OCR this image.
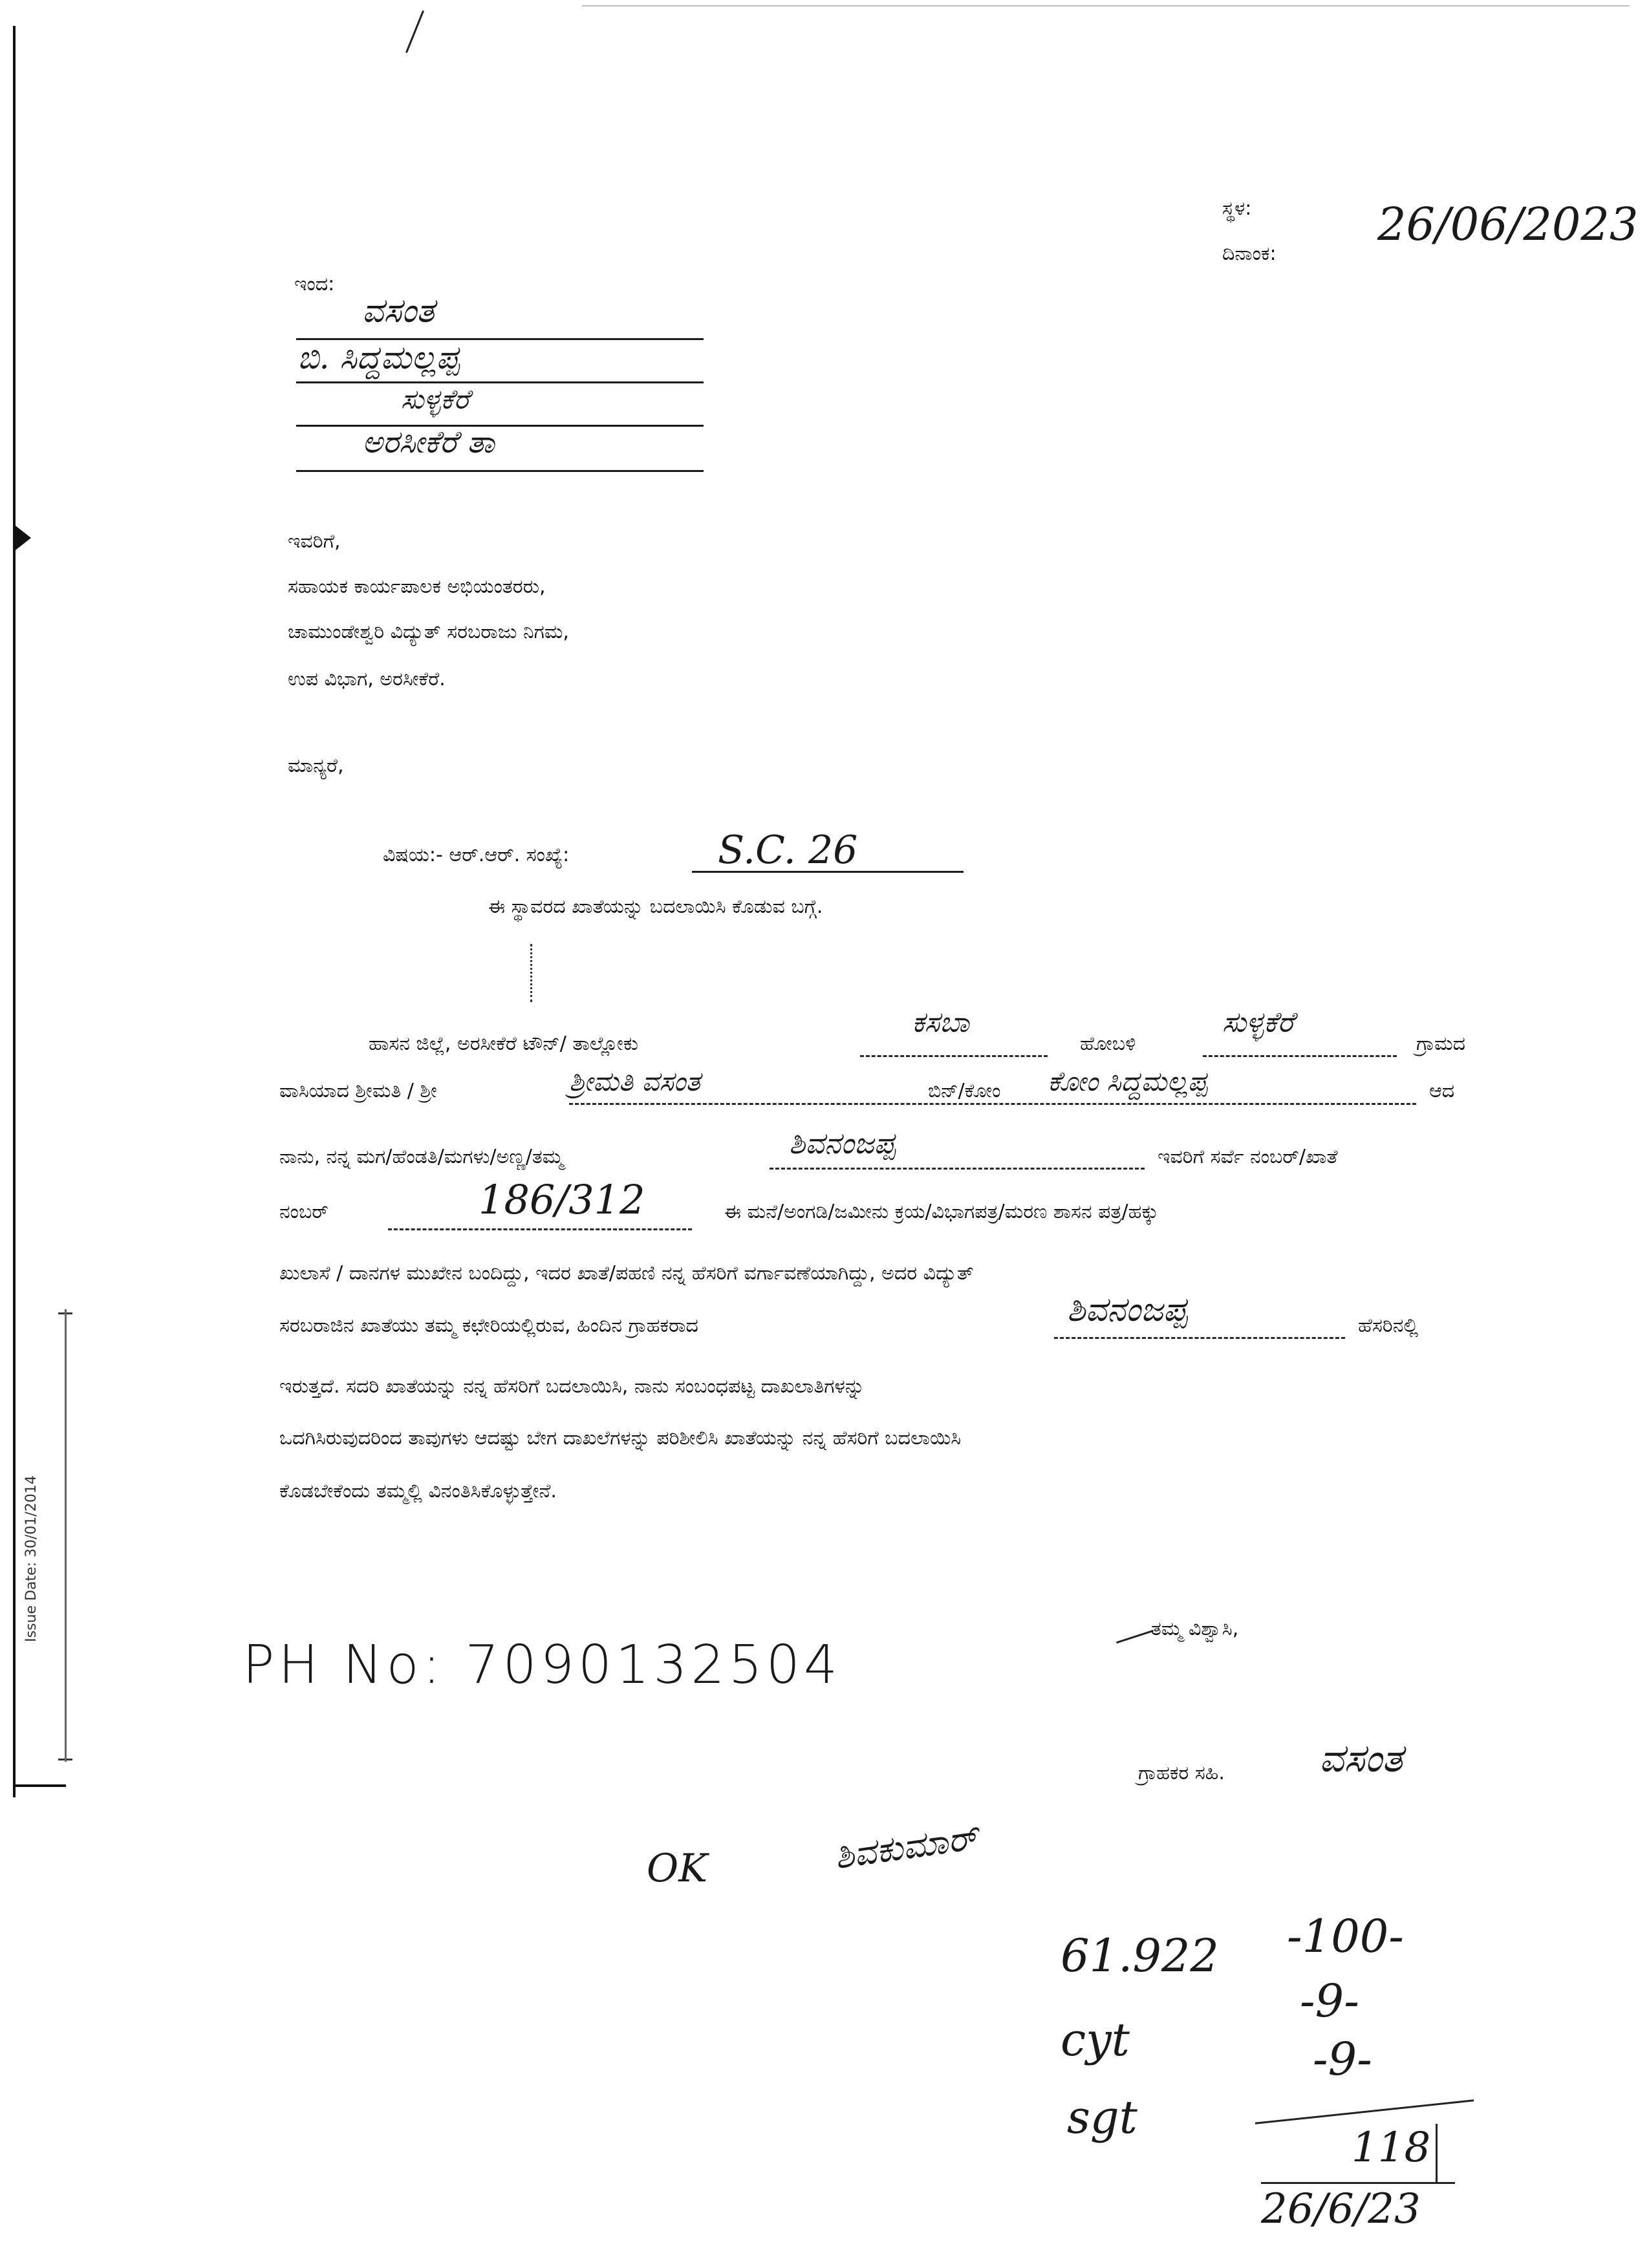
Issue Date: 30/01/2014
ಸ್ಥಳ:
ದಿನಾಂಕ:
26/06/2023
ಇಂದ:
ವಸಂತ
ಬಿ. ಸಿದ್ದಮಲ್ಲಪ್ಪ
ಸುಳ್ಳಕೆರೆ
ಅರಸೀಕೆರೆ ತಾ
ಇವರಿಗೆ,
ಸಹಾಯಕ ಕಾರ್ಯಪಾಲಕ ಅಭಿಯಂತರರು,
ಚಾಮುಂಡೇಶ್ವರಿ ವಿದ್ಯುತ್ ಸರಬರಾಜು ನಿಗಮ,
ಉಪ ವಿಭಾಗ, ಅರಸೀಕೆರೆ.
ಮಾನ್ಯರೆ,
ವಿಷಯ:- ಆರ್.ಆರ್. ಸಂಖ್ಯೆ:	S.C. 26
ಈ ಸ್ಥಾವರದ ಖಾತೆಯನ್ನು ಬದಲಾಯಿಸಿ ಕೊಡುವ ಬಗ್ಗೆ.
ಹಾಸನ ಜಿಲ್ಲೆ, ಅರಸೀಕೆರೆ ಟೌನ್/ ತಾಲ್ಲೋಕು
ಕಸಬಾ
ಹೋಬಳಿ
ಸುಳ್ಳಕೆರೆ
ಗ್ರಾಮದ
ವಾಸಿಯಾದ ಶ್ರೀಮತಿ / ಶ್ರೀ	ಶ್ರೀಮತಿ ವಸಂತ	ಬಿನ್/ಕೋಂ ಕೋಂ ಸಿದ್ದಮಲ್ಲಪ್ಪ	ಆದ
ನಾನು, ನನ್ನ ಮಗ/ಹೆಂಡತಿ/ಮಗಳು/ಅಣ್ಣ/ತಮ್ಮ	ಶಿವನಂಜಪ್ಪ	ಇವರಿಗೆ ಸರ್ವೆ ನಂಬರ್/ಖಾತೆ
ನಂಬರ್	186/312	ಈ ಮನೆ/ಅಂಗಡಿ/ಜಮೀನು ಕ್ರಯ/ವಿಭಾಗಪತ್ರ/ಮರಣ ಶಾಸನ ಪತ್ರ/ಹಕ್ಕು
ಖುಲಾಸೆ / ದಾನಗಳ ಮುಖೇನ ಬಂದಿದ್ದು, ಇದರ ಖಾತೆ/ಪಹಣಿ ನನ್ನ ಹೆಸರಿಗೆ ವರ್ಗಾವಣೆಯಾಗಿದ್ದು, ಅದರ ವಿದ್ಯುತ್
ಸರಬರಾಜಿನ ಖಾತೆಯು ತಮ್ಮ ಕಛೇರಿಯಲ್ಲಿರುವ, ಹಿಂದಿನ ಗ್ರಾಹಕರಾದ	ಶಿವನಂಜಪ್ಪ	ಹೆಸರಿನಲ್ಲಿ
ಇರುತ್ತದೆ. ಸದರಿ ಖಾತೆಯನ್ನು ನನ್ನ ಹೆಸರಿಗೆ ಬದಲಾಯಿಸಿ, ನಾನು ಸಂಬಂಧಪಟ್ಟ ದಾಖಲಾತಿಗಳನ್ನು
ಒದಗಿಸಿರುವುದರಿಂದ ತಾವುಗಳು ಆದಷ್ಟು ಬೇಗ ದಾಖಲೆಗಳನ್ನು ಪರಿಶೀಲಿಸಿ ಖಾತೆಯನ್ನು ನನ್ನ ಹೆಸರಿಗೆ ಬದಲಾಯಿಸಿ
ಕೊಡಬೇಕೆಂದು ತಮ್ಮಲ್ಲಿ ವಿನಂತಿಸಿಕೊಳ್ಳುತ್ತೇನೆ.
PH No: 7090132504
ತಮ್ಮ ವಿಶ್ವಾಸಿ,
ಗ್ರಾಹಕರ ಸಹಿ. ವಸಂತ
OK	ಶಿವಕುಮಾರ್
61.922 -100-
cyt
-9-
sgt
-9-
118
26/6/23
